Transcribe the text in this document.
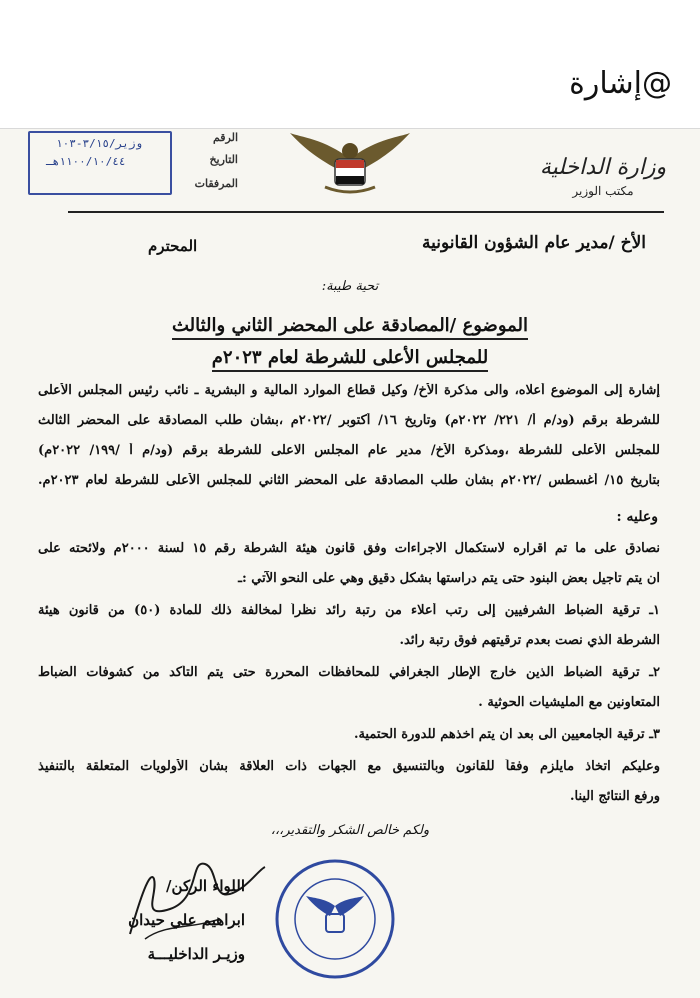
@إشارة
وزارة الداخلية
مكتب الوزير
الرقم
التاريخ
المرفقات
وزير/٣/١٥-١٠٣
١١٠٠/١٠/٤٤هـ
الأخ /مدير عام الشؤون القانونية
المحترم
تحية طيبة:
الموضوع /المصادقة على المحضر الثاني والثالث
للمجلس الأعلى للشرطة لعام ٢٠٢٣م
إشارة إلى الموضوع أعلاه، والى مذكرة الأخ/ وكيل قطاع الموارد المالية و البشرية ـ نائب رئيس المجلس الأعلى
للشرطة برقم (ود/م أ/ ٢٢١/ ٢٠٢٢م) وتاريخ ١٦/ أكتوبر /٢٠٢٢م ،بشأن طلب المصادقة على المحضر الثالث
للمجلس الأعلى للشرطة ،ومذكرة الأخ/ مدير عام المجلس الاعلى للشرطة برقم (ود/م أ /١٩٩/ ٢٠٢٢م)
بتاريخ ١٥/ أغسطس /٢٠٢٢م بشأن طلب المصادقة على المحضر الثاني للمجلس الأعلى للشرطة لعام ٢٠٢٣م.
وعليه :
نصادق على ما تم اقراره لاستكمال الاجراءات وفق قانون هيئة الشرطة رقم ١٥ لسنة ٢٠٠٠م ولائحته على
ان يتم تأجيل بعض البنود حتى يتم دراستها بشكل دقيق وهي على النحو الآتي :ـ
١ـ ترقية الضباط الشرفيين إلى رتب أعلاء من رتبة رائد نظراً لمخالفة ذلك للمادة (٥٠) من قانون هيئة
الشرطة الذي نصت بعدم ترقيتهم فوق رتبة رائد.
٢ـ ترقية الضباط الذين خارج الإطار الجغرافي للمحافظات المحررة حتى يتم التأكد من كشوفات الضباط
المتعاونين مع المليشيات الحوثية .
٣ـ ترقية الجامعيين الى بعد ان يتم اخذهم للدورة الحتمية.
وعليكم اتخاذ مايلزم وفقاً للقانون وبالتنسيق مع الجهات ذات العلاقة بشان الأولويات المتعلقة بالتنفيذ
ورفع النتائج الينا.
ولكم خالص الشكر والتقدير،،،
اللواء الركن/
ابراهيم علي حيدان
وزيـر الداخليـــة
